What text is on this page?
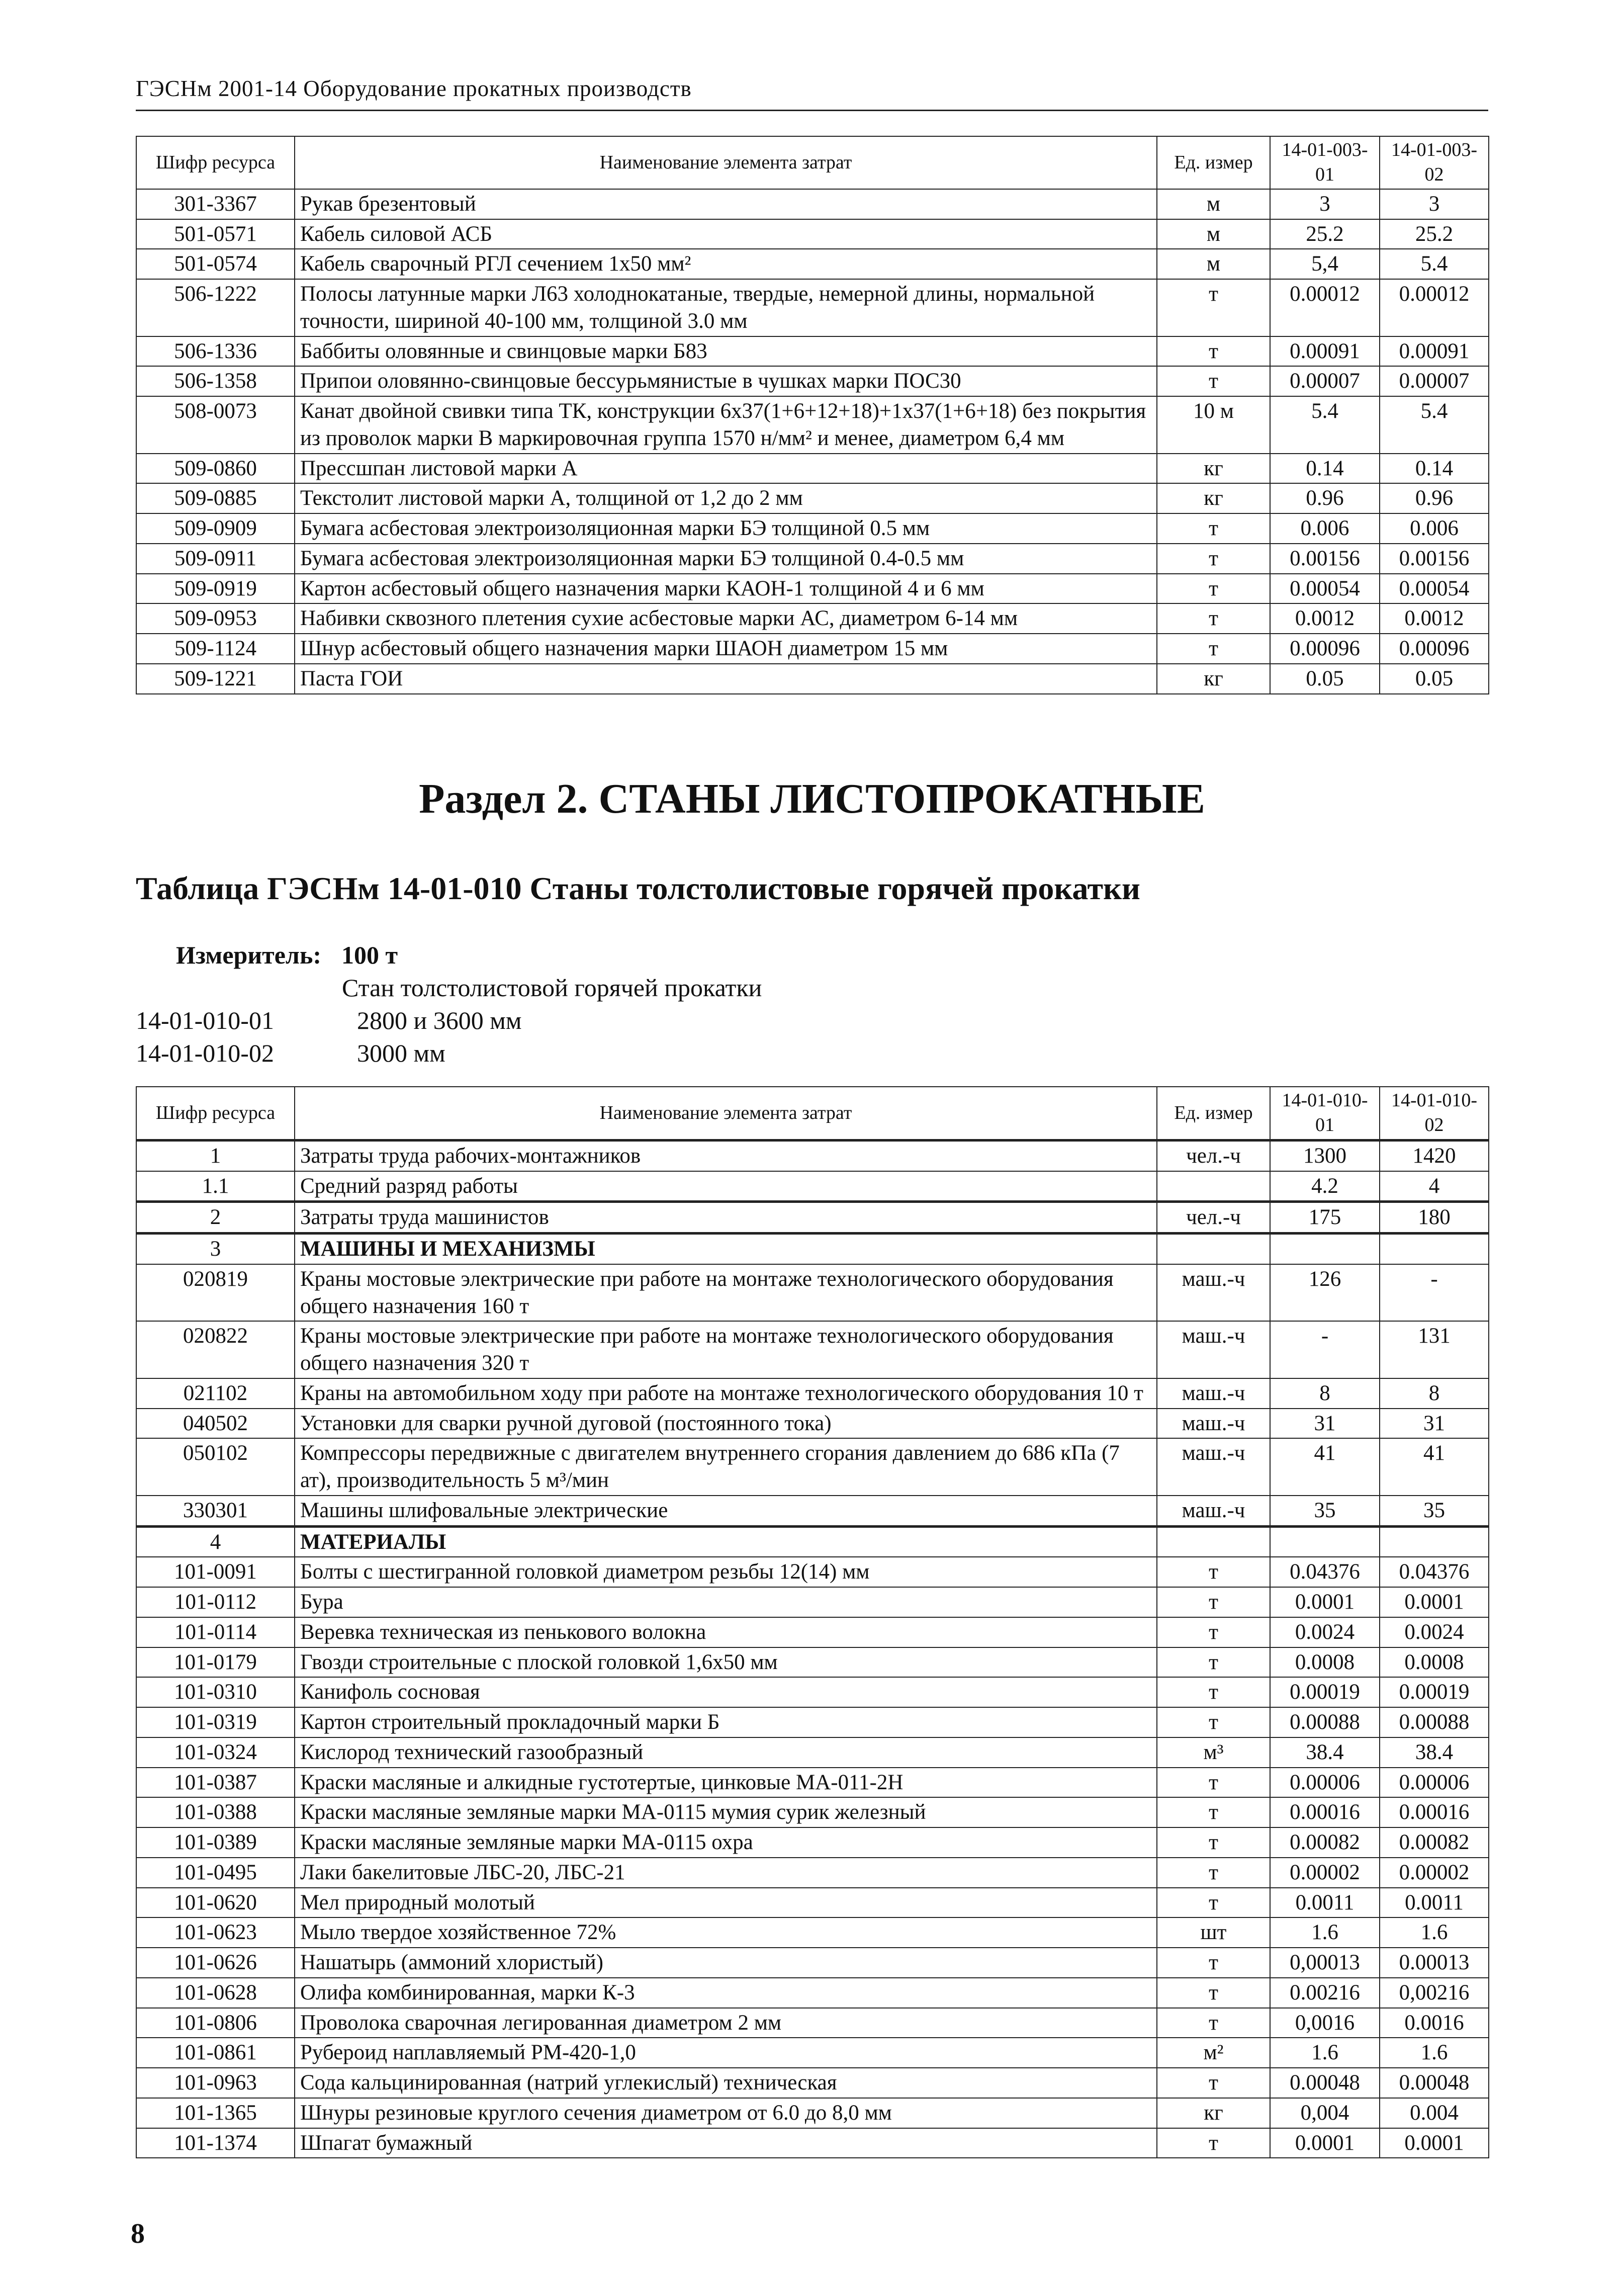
ГЭСНм 2001-14 Оборудование прокатных производств
Шифр ресурса	Наименование элемента затрат	Ед. измер	14-01-003-01	14-01-003-02
301-3367	Рукав брезентовый	м	3	3
501-0571	Кабель силовой АСБ	м	25.2	25.2
501-0574	Кабель сварочный РГЛ сечением 1x50 мм²	м	5,4	5.4
506-1222	Полосы латунные марки Л63 холоднокатаные, твердые, немерной длины, нормальной точности, шириной 40-100 мм, толщиной 3.0 мм	т	0.00012	0.00012
506-1336	Баббиты оловянные и свинцовые марки Б83	т	0.00091	0.00091
506-1358	Припои оловянно-свинцовые бессурьмянистые в чушках марки ПОС30	т	0.00007	0.00007
508-0073	Канат двойной свивки типа ТК, конструкции 6x37(1+6+12+18)+1x37(1+6+18) без покрытия из проволок марки В маркировочная группа 1570 н/мм² и менее, диаметром 6,4 мм	10 м	5.4	5.4
509-0860	Прессшпан листовой марки А	кг	0.14	0.14
509-0885	Текстолит листовой марки А, толщиной от 1,2 до 2 мм	кг	0.96	0.96
509-0909	Бумага асбестовая электроизоляционная марки БЭ толщиной 0.5 мм	т	0.006	0.006
509-0911	Бумага асбестовая электроизоляционная марки БЭ толщиной 0.4-0.5 мм	т	0.00156	0.00156
509-0919	Картон асбестовый общего назначения марки КАОН-1 толщиной 4 и 6 мм	т	0.00054	0.00054
509-0953	Набивки сквозного плетения сухие асбестовые марки АС, диаметром 6-14 мм	т	0.0012	0.0012
509-1124	Шнур асбестовый общего назначения марки ШАОН диаметром 15 мм	т	0.00096	0.00096
509-1221	Паста ГОИ	кг	0.05	0.05
Раздел 2. СТАНЫ ЛИСТОПРОКАТНЫЕ
Таблица ГЭСНм 14-01-010 Станы толстолистовые горячей прокатки
Измеритель: 100 т
Стан толстолистовой горячей прокатки
14-01-010-01	2800 и 3600 мм
14-01-010-02	3000 мм
Шифр ресурса	Наименование элемента затрат	Ед. измер	14-01-010-01	14-01-010-02
1	Затраты труда рабочих-монтажников	чел.-ч	1300	1420
1.1	Средний разряд работы		4.2	4
2	Затраты труда машинистов	чел.-ч	175	180
3	МАШИНЫ И МЕХАНИЗМЫ			
020819	Краны мостовые электрические при работе на монтаже технологического оборудования общего назначения 160 т	маш.-ч	126	-
020822	Краны мостовые электрические при работе на монтаже технологического оборудования общего назначения 320 т	маш.-ч	-	131
021102	Краны на автомобильном ходу при работе на монтаже технологического оборудования 10 т	маш.-ч	8	8
040502	Установки для сварки ручной дуговой (постоянного тока)	маш.-ч	31	31
050102	Компрессоры передвижные с двигателем внутреннего сгорания давлением до 686 кПа (7 ат), производительность 5 м³/мин	маш.-ч	41	41
330301	Машины шлифовальные электрические	маш.-ч	35	35
4	МАТЕРИАЛЫ			
101-0091	Болты с шестигранной головкой диаметром резьбы 12(14) мм	т	0.04376	0.04376
101-0112	Бура	т	0.0001	0.0001
101-0114	Веревка техническая из пенькового волокна	т	0.0024	0.0024
101-0179	Гвозди строительные с плоской головкой 1,6x50 мм	т	0.0008	0.0008
101-0310	Канифоль сосновая	т	0.00019	0.00019
101-0319	Картон строительный прокладочный марки Б	т	0.00088	0.00088
101-0324	Кислород технический газообразный	м³	38.4	38.4
101-0387	Краски масляные и алкидные густотертые, цинковые МА-011-2Н	т	0.00006	0.00006
101-0388	Краски масляные земляные марки МА-0115 мумия сурик железный	т	0.00016	0.00016
101-0389	Краски масляные земляные марки МА-0115 охра	т	0.00082	0.00082
101-0495	Лаки бакелитовые ЛБС-20, ЛБС-21	т	0.00002	0.00002
101-0620	Мел природный молотый	т	0.0011	0.0011
101-0623	Мыло твердое хозяйственное 72%	шт	1.6	1.6
101-0626	Нашатырь (аммоний хлористый)	т	0,00013	0.00013
101-0628	Олифа комбинированная, марки К-3	т	0.00216	0,00216
101-0806	Проволока сварочная легированная диаметром 2 мм	т	0,0016	0.0016
101-0861	Рубероид наплавляемый РМ-420-1,0	м²	1.6	1.6
101-0963	Сода кальцинированная (натрий углекислый) техническая	т	0.00048	0.00048
101-1365	Шнуры резиновые круглого сечения диаметром от 6.0 до 8,0 мм	кг	0,004	0.004
101-1374	Шпагат бумажный	т	0.0001	0.0001
8
